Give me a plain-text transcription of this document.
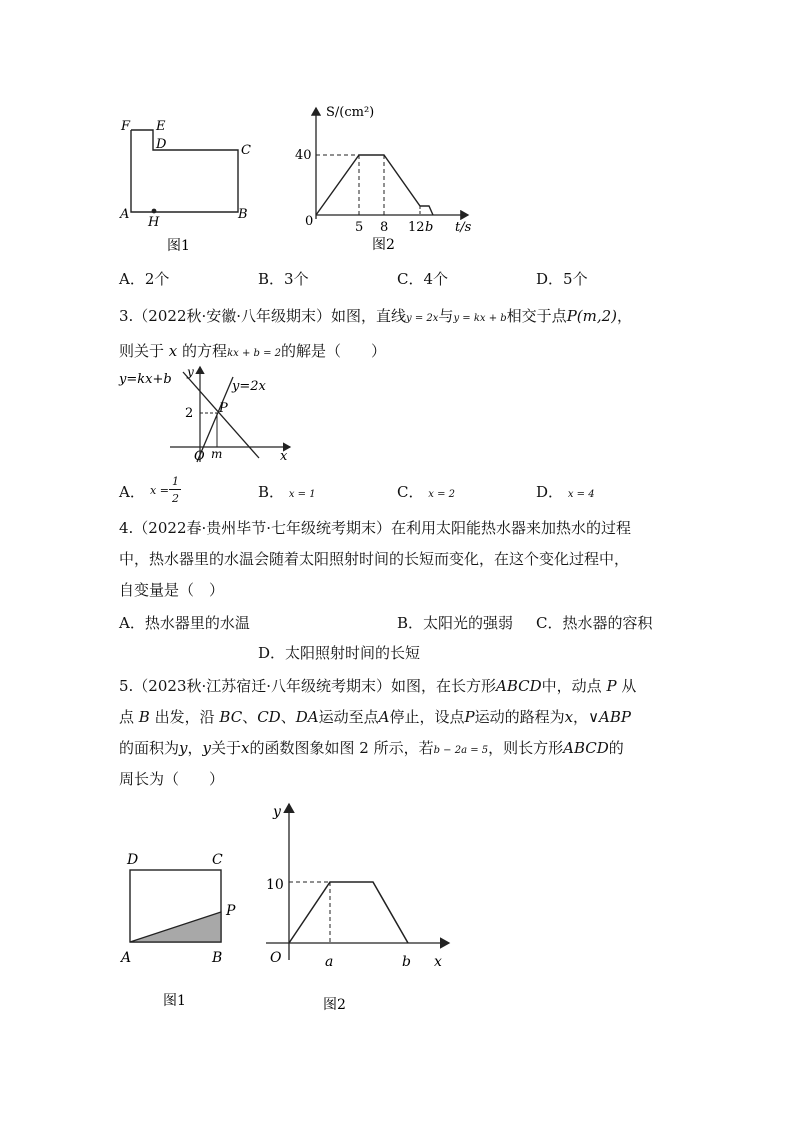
F E
D	C
A
H
B
图1
S/(cm²)
40
0	5 8 12 b t/s
图2
A．2个	B．3个	C．4个	D．5个
3.（2022秋·安徽·八年级期末）如图，直线y = 2x与y = kx + b相交于点P(m,2)，
则关于 x 的方程kx + b = 2的解是（　　）
y=kx+b	y=2x
y
x
O
2 P
m
A． x =
1
2	B． x = 1	C． x = 2	D． x = 4
4.（2022春·贵州毕节·七年级统考期末）在利用太阳能热水器来加热水的过程
中，热水器里的水温会随着太阳照射时间的长短而变化，在这个变化过程中，
自变量是（　）
A．热水器里的水温	B．太阳光的强弱 C．热水器的容积
D．太阳照射时间的长短
5.（2023秋·江苏宿迁·八年级统考期末）如图，在长方形ABCD中，动点 P 从
点 B 出发，沿 BC、CD、DA运动至点A停止，设点P运动的路程为x，∨ABP
的面积为y，y关于x的函数图象如图 2 所示，若b − 2a = 5，则长方形ABCD的
周长为（　　）
D	C
P
A	B
图1
y
10
O	a	b x
图2
